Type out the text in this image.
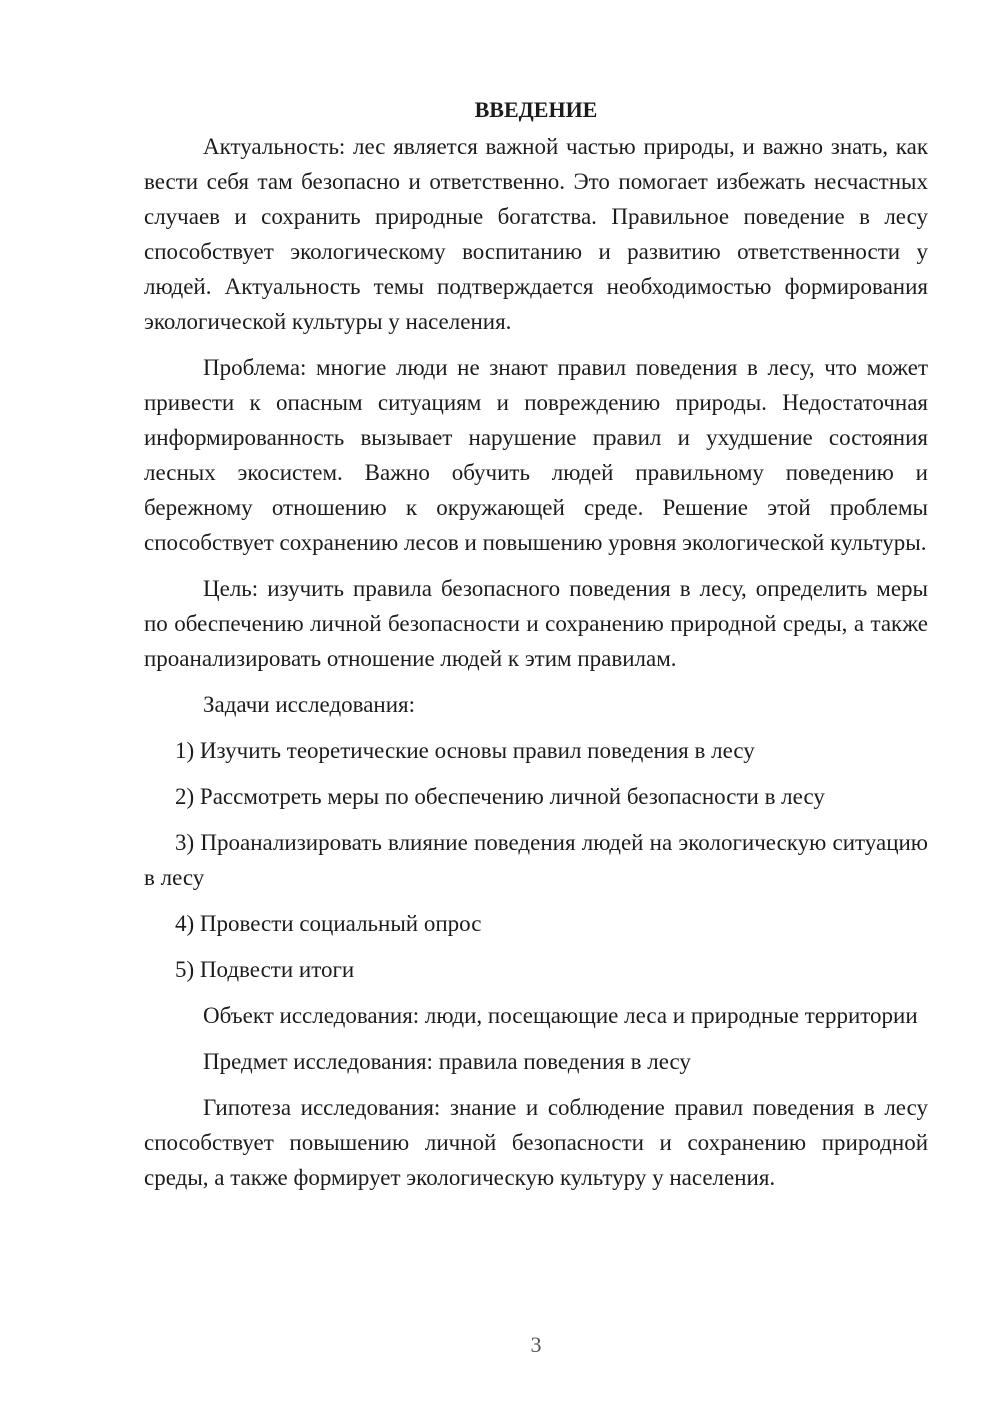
ВВЕДЕНИЕ

Актуальность: лес является важной частью природы, и важно знать, как вести себя там безопасно и ответственно. Это помогает избежать несчастных случаев и сохранить природные богатства. Правильное поведение в лесу способствует экологическому воспитанию и развитию ответственности у людей. Актуальность темы подтверждается необходимостью формирования экологической культуры у населения.

Проблема: многие люди не знают правил поведения в лесу, что может привести к опасным ситуациям и повреждению природы. Недостаточная информированность вызывает нарушение правил и ухудшение состояния лесных экосистем. Важно обучить людей правильному поведению и бережному отношению к окружающей среде. Решение этой проблемы способствует сохранению лесов и повышению уровня экологической культуры.

Цель: изучить правила безопасного поведения в лесу, определить меры по обеспечению личной безопасности и сохранению природной среды, а также проанализировать отношение людей к этим правилам.

Задачи исследования:

1) Изучить теоретические основы правил поведения в лесу

2) Рассмотреть меры по обеспечению личной безопасности в лесу

3) Проанализировать влияние поведения людей на экологическую ситуацию в лесу

4) Провести социальный опрос

5) Подвести итоги

Объект исследования: люди, посещающие леса и природные территории

Предмет исследования: правила поведения в лесу

Гипотеза исследования: знание и соблюдение правил поведения в лесу способствует повышению личной безопасности и сохранению природной среды, а также формирует экологическую культуру у населения.

3
